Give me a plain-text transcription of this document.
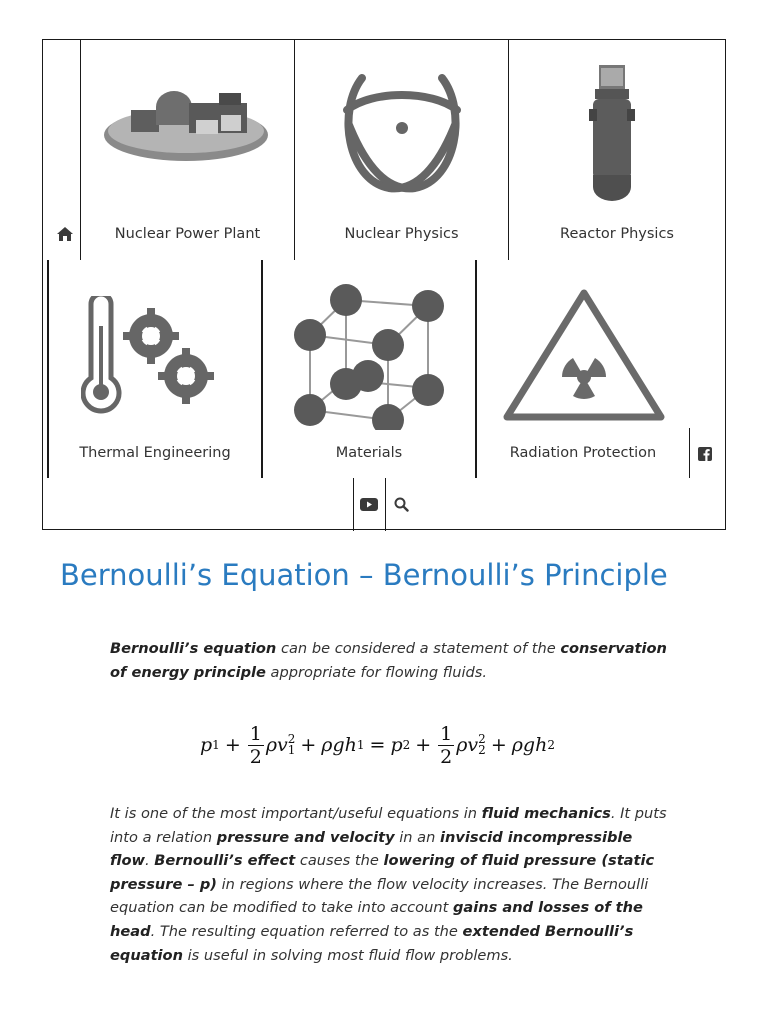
Nuclear Power Plant	Nuclear Physics	Reactor Physics
Thermal Engineering	Materials	Radiation Protection
Bernoulli’s Equation – Bernoulli’s Principle

Bernoulli’s equation can be considered a statement of the conservation of energy principle appropriate for flowing fluids.

p $1 + \frac{1}{2}$ ρv 2
1 + ρgh 1 = p $2 + \frac{1}{2}$ ρv 2
2 + ρgh 2

It is one of the most important/useful equations in fluid mechanics. It puts into a relation pressure and velocity in an inviscid incompressible flow. Bernoulli’s effect causes the lowering of fluid pressure (static pressure – p) in regions where the flow velocity increases. The Bernoulli equation can be modified to take into account gains and losses of the head. The resulting equation referred to as the extended Bernoulli’s equation is useful in solving most fluid flow problems.
